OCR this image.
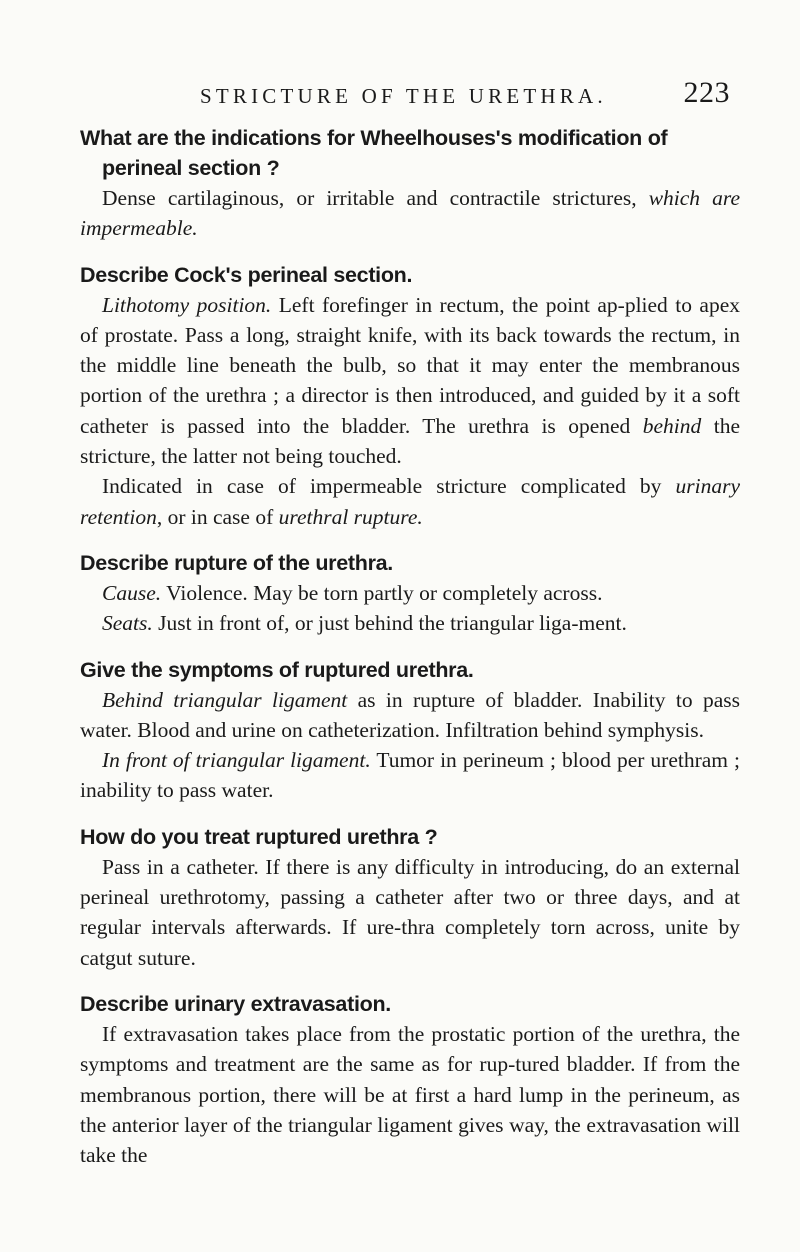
STRICTURE OF THE URETHRA.	223

What are the indications for Wheelhouses's modification of perineal section ?

Dense cartilaginous, or irritable and contractile strictures, which are impermeable.

Describe Cock's perineal section.

Lithotomy position. Left forefinger in rectum, the point ap-plied to apex of prostate. Pass a long, straight knife, with its back towards the rectum, in the middle line beneath the bulb, so that it may enter the membranous portion of the urethra ; a director is then introduced, and guided by it a soft catheter is passed into the bladder. The urethra is opened behind the stricture, the latter not being touched.

Indicated in case of impermeable stricture complicated by urinary retention, or in case of urethral rupture.

Describe rupture of the urethra.

Cause. Violence. May be torn partly or completely across.

Seats. Just in front of, or just behind the triangular liga-ment.

Give the symptoms of ruptured urethra.

Behind triangular ligament as in rupture of bladder. Inability to pass water. Blood and urine on catheterization. Infiltration behind symphysis.

In front of triangular ligament. Tumor in perineum ; blood per urethram ; inability to pass water.

How do you treat ruptured urethra ?

Pass in a catheter. If there is any difficulty in introducing, do an external perineal urethrotomy, passing a catheter after two or three days, and at regular intervals afterwards. If ure-thra completely torn across, unite by catgut suture.

Describe urinary extravasation.

If extravasation takes place from the prostatic portion of the urethra, the symptoms and treatment are the same as for rup-tured bladder. If from the membranous portion, there will be at first a hard lump in the perineum, as the anterior layer of the triangular ligament gives way, the extravasation will take the
